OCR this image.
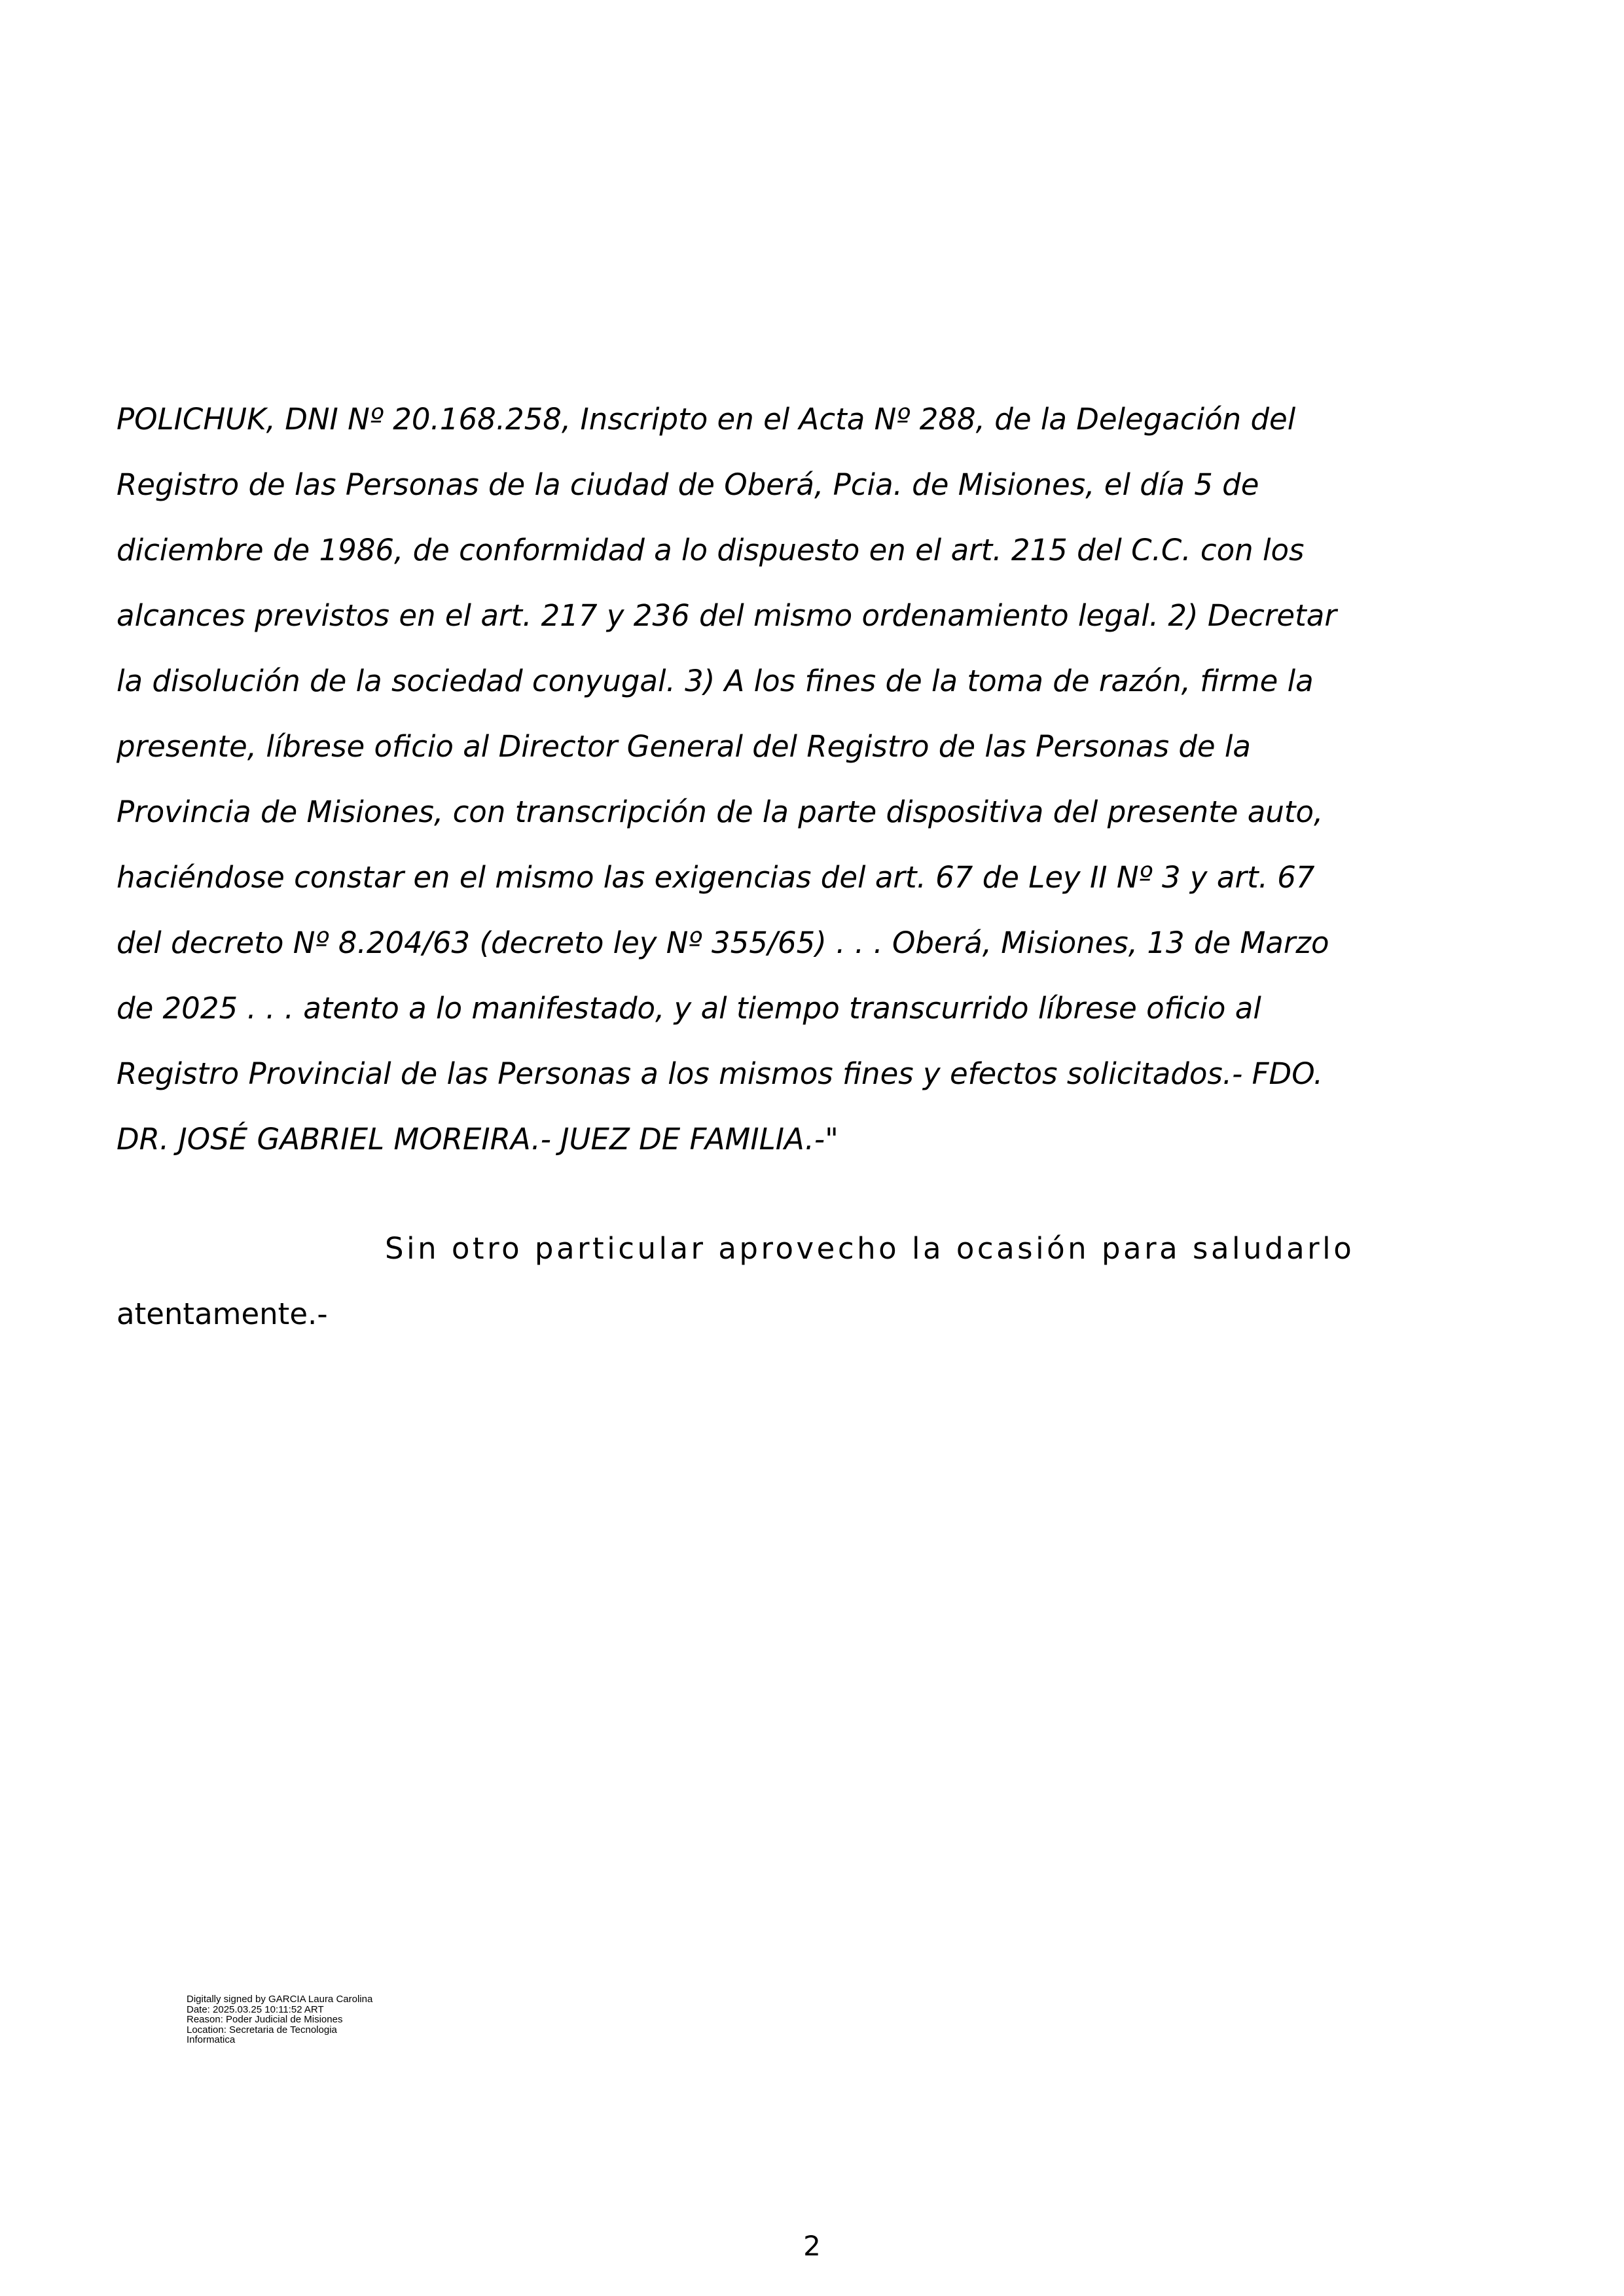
POLICHUK, DNI Nº 20.168.258, Inscripto en el Acta Nº 288, de la Delegación del
Registro de las Personas de la ciudad de Oberá, Pcia. de Misiones, el día 5 de
diciembre de 1986, de conformidad a lo dispuesto en el art. 215 del C.C. con los
alcances previstos en el art. 217 y 236 del mismo ordenamiento legal. 2) Decretar
la disolución de la sociedad conyugal. 3) A los fines de la toma de razón, firme la
presente, líbrese oficio al Director General del Registro de las Personas de la
Provincia de Misiones, con transcripción de la parte dispositiva del presente auto,
haciéndose constar en el mismo las exigencias del art. 67 de Ley II Nº 3 y art. 67
del decreto Nº 8.204/63 (decreto ley Nº 355/65) . . . Oberá, Misiones, 13 de Marzo
de 2025 . . . atento a lo manifestado, y al tiempo transcurrido líbrese oficio al
Registro Provincial de las Personas a los mismos fines y efectos solicitados.- FDO.
DR. JOSÉ GABRIEL MOREIRA.- JUEZ DE FAMILIA.-"
Sin otro particular aprovecho la ocasión para saludarlo
atentamente.-
Digitally signed by GARCIA Laura Carolina
Date: 2025.03.25 10:11:52 ART
Reason: Poder Judicial de Misiones
Location: Secretaria de Tecnologia
Informatica
2
